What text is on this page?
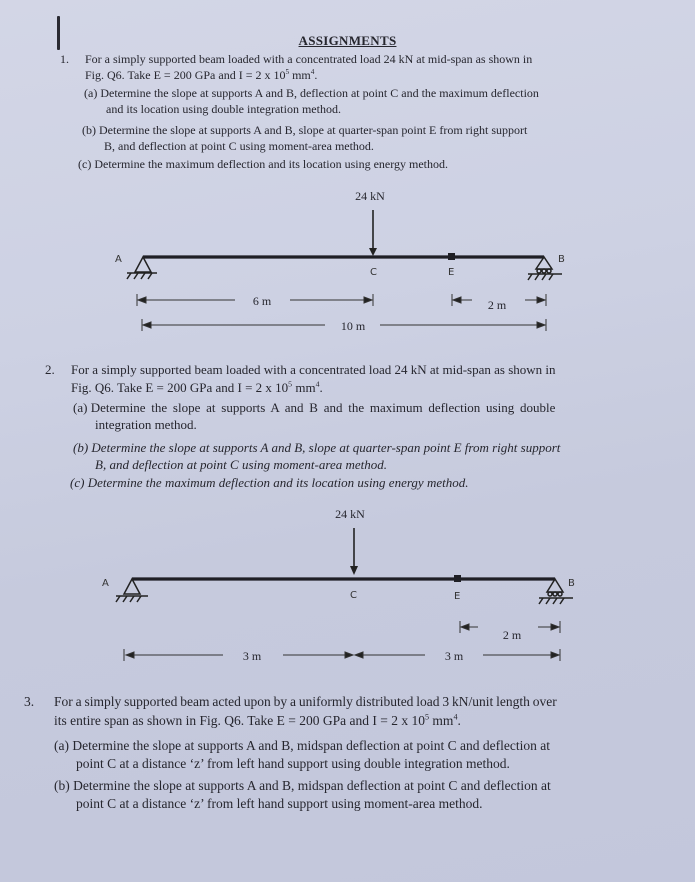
ASSIGNMENTS
1. For a simply supported beam loaded with a concentrated load 24 kN at mid-span as shown in
Fig. Q6. Take E = 200 GPa and I = 2 x $10^5$ $mm^4$.
(a) Determine the slope at supports A and B, deflection at point C and the maximum deflection
and its location using double integration method.
(b) Determine the slope at supports A and B, slope at quarter-span point E from right support
B, and deflection at point C using moment-area method.
(c) Determine the maximum deflection and its location using energy method.
24 kN
A	B
C	E
6 m	2 m
10 m
2. For a simply supported beam loaded with a concentrated load 24 kN at mid-span as shown in
Fig. Q6. Take E = 200 GPa and I = 2 x $10^5$ $mm^4$.
(a) Determine the slope at supports A and B and the maximum deflection using double
integration method.
(b) Determine the slope at supports A and B, slope at quarter-span point E from right support
B, and deflection at point C using moment-area method.
(c) Determine the maximum deflection and its location using energy method.
24 kN
A	B
C	E
2 m
3 m	3 m
3. For a simply supported beam acted upon by a uniformly distributed load 3 kN/unit length over
its entire span as shown in Fig. Q6. Take E = 200 GPa and I = 2 x $10^5$ $mm^4$.
(a) Determine the slope at supports A and B, midspan deflection at point C and deflection at
point C at a distance ‘z’ from left hand support using double integration method.
(b) Determine the slope at supports A and B, midspan deflection at point C and deflection at
point C at a distance ‘z’ from left hand support using moment-area method.
